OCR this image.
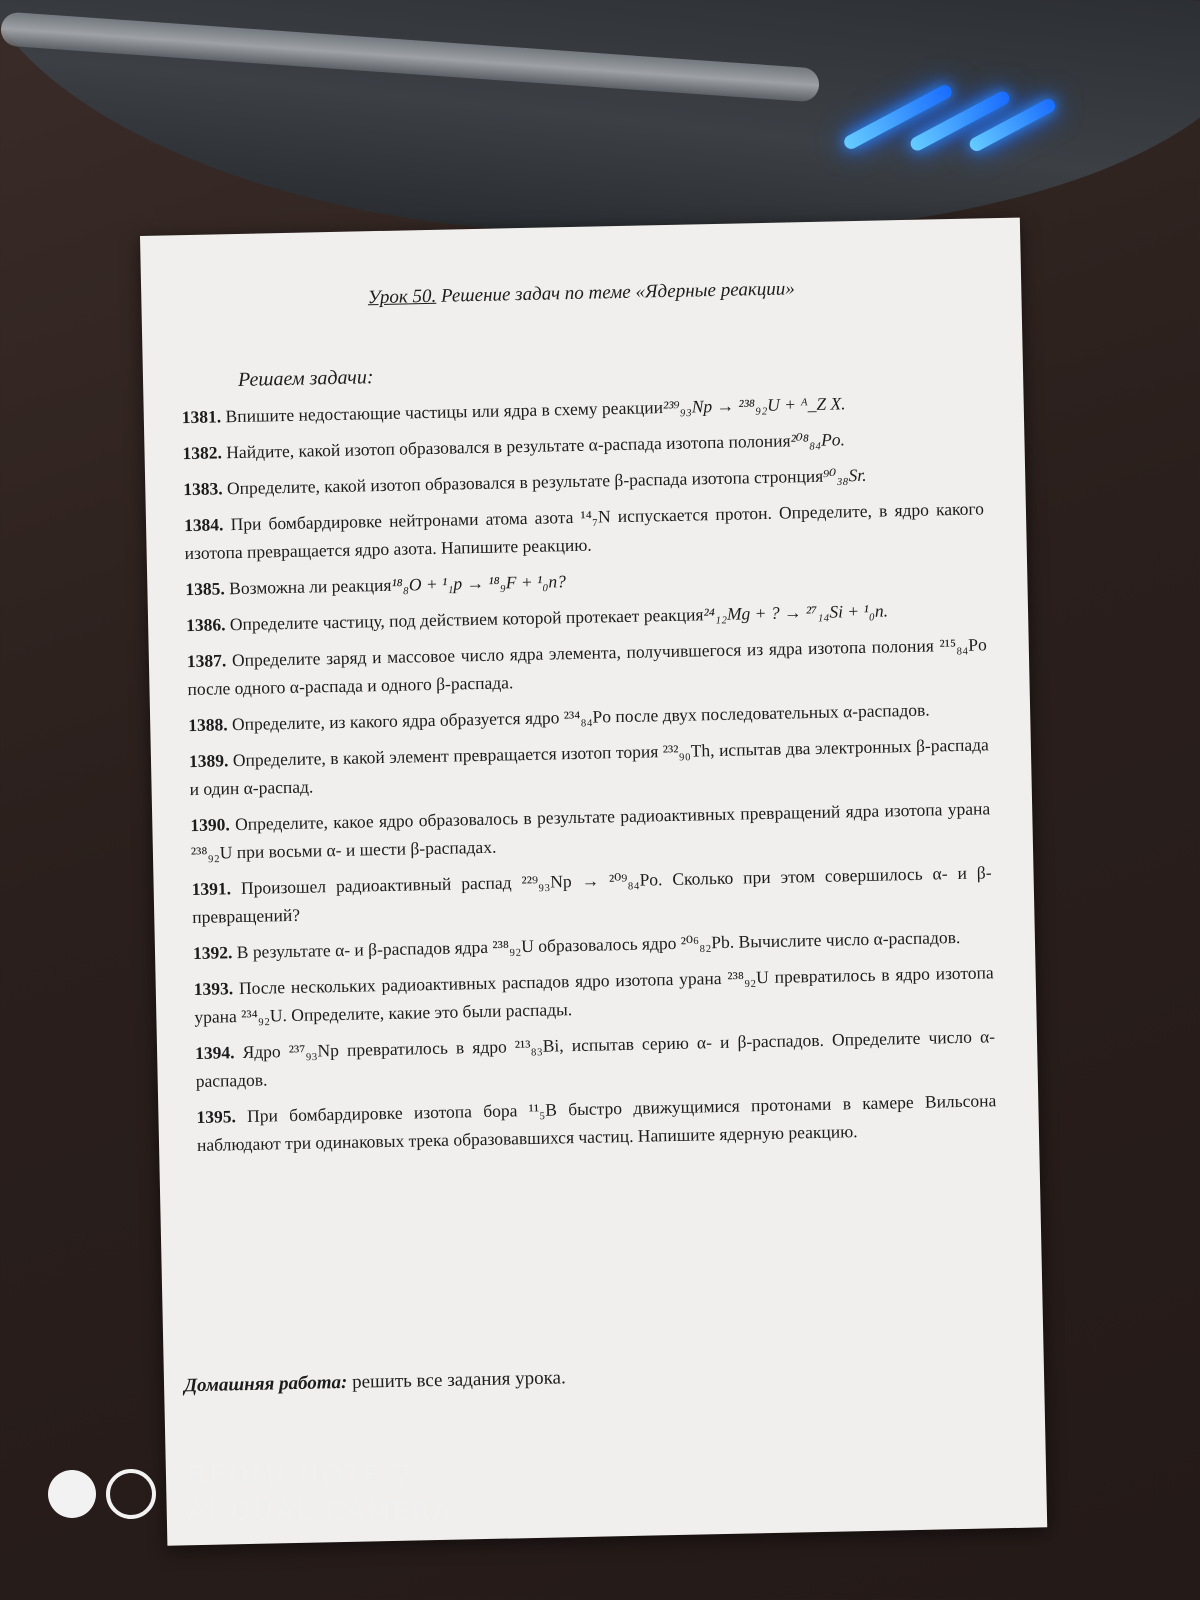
Урок 50. Решение задач по теме «Ядерные реакции»
Решаем задачи:
1381. Впишите недостающие частицы или ядра в схему реакции²³⁹₉₃Np → ²³⁸₉₂U + ᴬ_Z X.
1382. Найдите, какой изотоп образовался в результате α-распада изотопа полония²⁰⁸₈₄Po.
1383. Определите, какой изотоп образовался в результате β-распада изотопа стронция⁹⁰₃₈Sr.
1384. При бомбардировке нейтронами атома азота ¹⁴₇N испускается протон. Определите, в ядро какого изотопа превращается ядро азота. Напишите реакцию.
1385. Возможна ли реакция¹⁸₈O + ¹₁p → ¹⁸₉F + ¹₀n?
1386. Определите частицу, под действием которой протекает реакция²⁴₁₂Mg + ? → ²⁷₁₄Si + ¹₀n.
1387. Определите заряд и массовое число ядра элемента, получившегося из ядра изотопа полония ²¹⁵₈₄Po после одного α-распада и одного β-распада.
1388. Определите, из какого ядра образуется ядро ²³⁴₈₄Po после двух последовательных α-распадов.
1389. Определите, в какой элемент превращается изотоп тория ²³²₉₀Th, испытав два электронных β-распада и один α-распад.
1390. Определите, какое ядро образовалось в результате радиоактивных превращений ядра изотопа урана ²³⁸₉₂U при восьми α- и шести β-распадах.
1391. Произошел радиоактивный распад ²²⁹₉₃Np → ²⁰⁹₈₄Po. Сколько при этом совершилось α- и β-превращений?
1392. В результате α- и β-распадов ядра ²³⁸₉₂U образовалось ядро ²⁰⁶₈₂Pb. Вычислите число α-распадов.
1393. После нескольких радиоактивных распадов ядро изотопа урана ²³⁸₉₂U превратилось в ядро изотопа урана ²³⁴₉₂U. Определите, какие это были распады.
1394. Ядро ²³⁷₉₃Np превратилось в ядро ²¹³₈₃Bi, испытав серию α- и β-распадов. Определите число α-распадов.
1395. При бомбардировке изотопа бора ¹¹₅B быстро движущимися протонами в камере Вильсона наблюдают три одинаковых трека образовавшихся частиц. Напишите ядерную реакцию.
Домашняя работа: решить все задания урока.
REDMI NOTE 7
AI DUAL CAMERA
